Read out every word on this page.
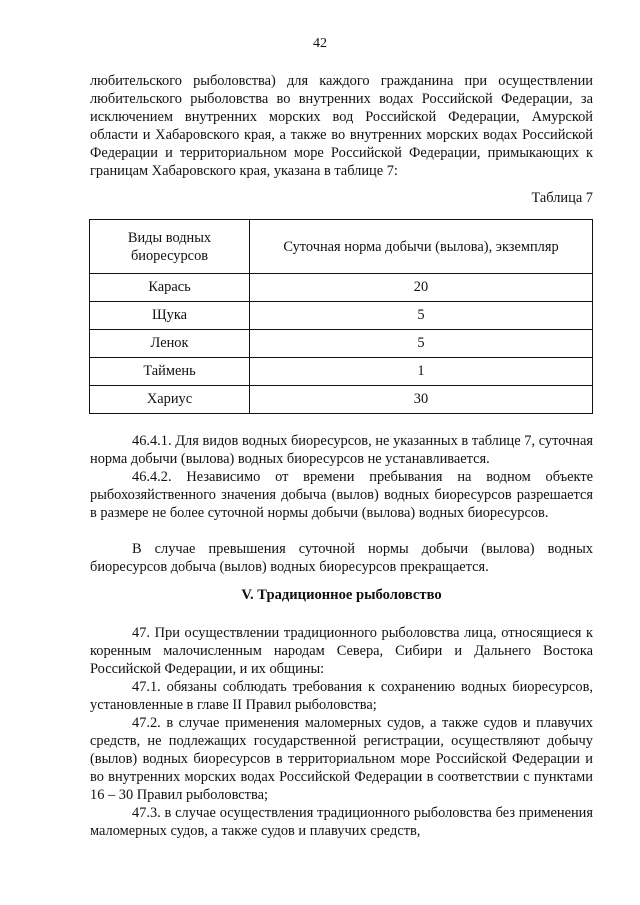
42

любительского рыболовства) для каждого гражданина при осуществлении любительского рыболовства во внутренних водах Российской Федерации, за исключением внутренних морских вод Российской Федерации, Амурской области и Хабаровского края, а также во внутренних морских водах Российской Федерации и территориальном море Российской Федерации, примыкающих к границам Хабаровского края, указана в таблице 7:

Таблица 7
Виды водных биоресурсов	Суточная норма добычи (вылова), экземпляр
Карась	20
Щука	5
Ленок	5
Таймень	1
Хариус	30

46.4.1. Для видов водных биоресурсов, не указанных в таблице 7, суточная норма добычи (вылова) водных биоресурсов не устанавливается.

46.4.2. Независимо от времени пребывания на водном объекте рыбохозяйственного значения добыча (вылов) водных биоресурсов разрешается в размере не более суточной нормы добычи (вылова) водных биоресурсов.

В случае превышения суточной нормы добычи (вылова) водных биоресурсов добыча (вылов) водных биоресурсов прекращается.

V. Традиционное рыболовство

47. При осуществлении традиционного рыболовства лица, относящиеся к коренным малочисленным народам Севера, Сибири и Дальнего Востока Российской Федерации, и их общины:

47.1. обязаны соблюдать требования к сохранению водных биоресурсов, установленные в главе II Правил рыболовства;

47.2. в случае применения маломерных судов, а также судов и плавучих средств, не подлежащих государственной регистрации, осуществляют добычу (вылов) водных биоресурсов в территориальном море Российской Федерации и во внутренних морских водах Российской Федерации в соответствии с пунктами 16 – 30 Правил рыболовства;

47.3. в случае осуществления традиционного рыболовства без применения маломерных судов, а также судов и плавучих средств,
